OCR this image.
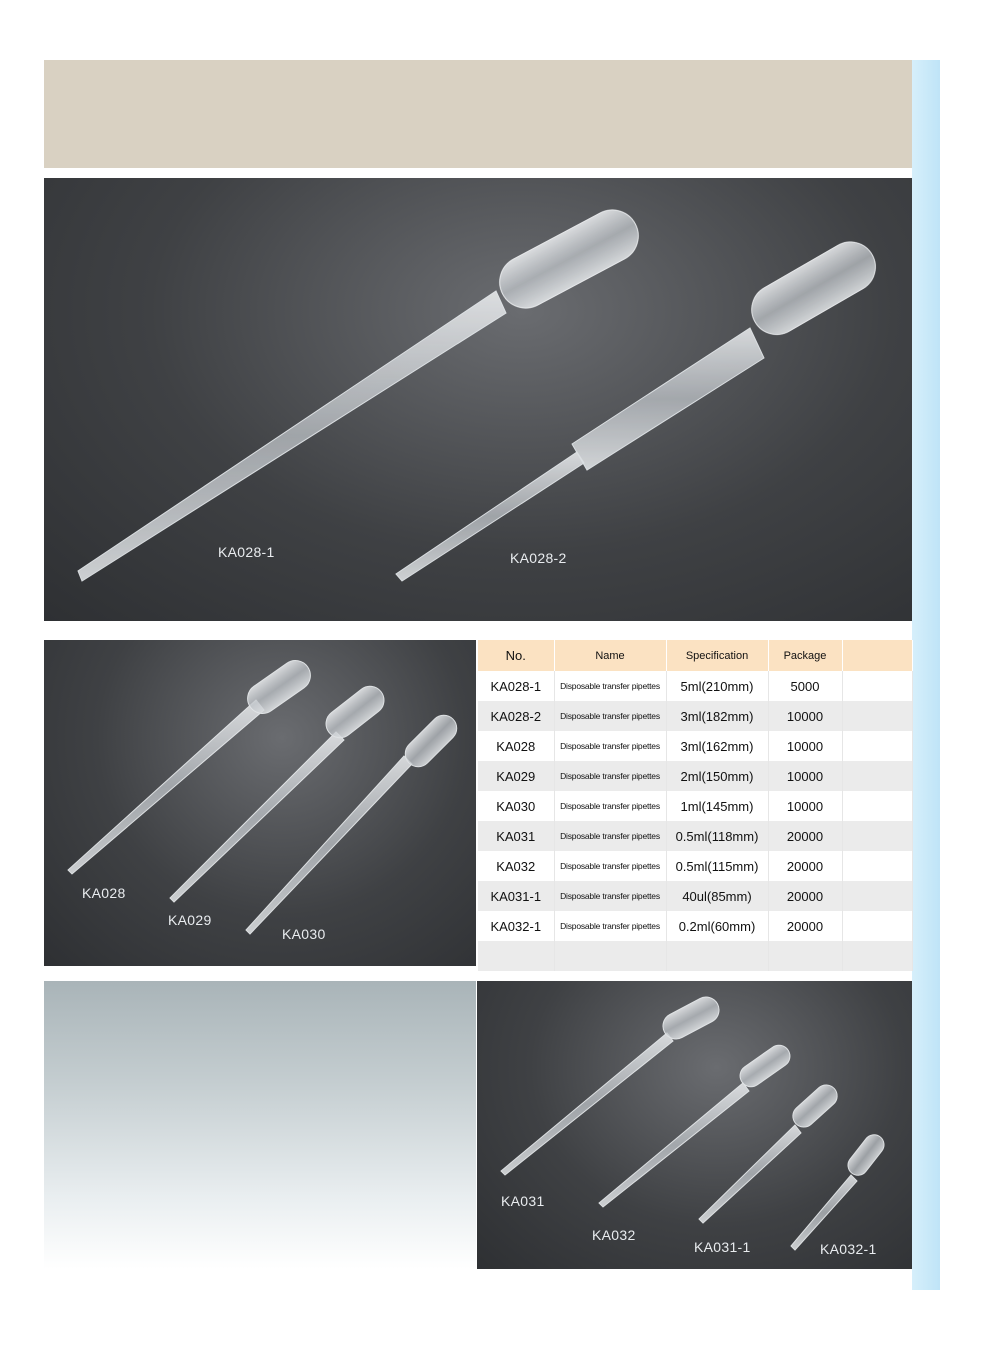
KA028-1	KA028-2
KA028
KA029
KA030
No.	Name	Specification	Package	
KA028-1	Disposable transfer pipettes	5ml(210mm)	5000	
KA028-2	Disposable transfer pipettes	3ml(182mm)	10000	
KA028	Disposable transfer pipettes	3ml(162mm)	10000	
KA029	Disposable transfer pipettes	2ml(150mm)	10000	
KA030	Disposable transfer pipettes	1ml(145mm)	10000	
KA031	Disposable transfer pipettes	0.5ml(118mm)	20000	
KA032	Disposable transfer pipettes	0.5ml(115mm)	20000	
KA031-1	Disposable transfer pipettes	40ul(85mm)	20000	
KA032-1	Disposable transfer pipettes	0.2ml(60mm)	20000	

KA031
KA032
KA031-1	KA032-1
